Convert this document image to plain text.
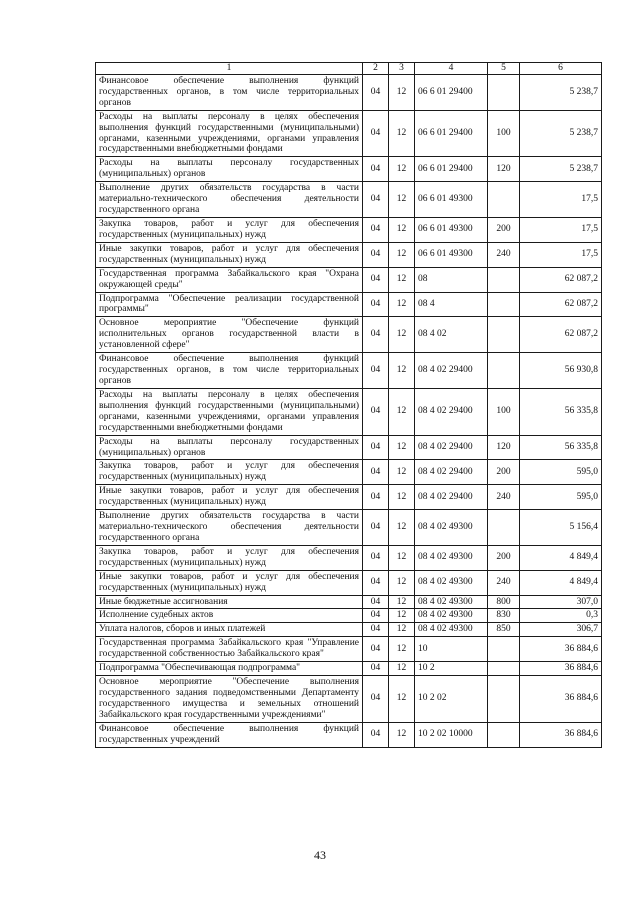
1	2	3	4	5	6
Финансовое обеспечение выполнения функций государственных органов, в том числе территориальных органов	04	12	06 6 01 29400		5 238,7
Расходы на выплаты персоналу в целях обеспечения выполнения функций государственными (муниципальными) органами, казенными учреждениями, органами управления государственными внебюджетными фондами	04	12	06 6 01 29400	100	5 238,7
Расходы на выплаты персоналу государственных (муниципальных) органов	04	12	06 6 01 29400	120	5 238,7
Выполнение других обязательств государства в части материально-технического обеспечения деятельности государственного органа	04	12	06 6 01 49300		17,5
Закупка товаров, работ и услуг для обеспечения государственных (муниципальных) нужд	04	12	06 6 01 49300	200	17,5
Иные закупки товаров, работ и услуг для обеспечения государственных (муниципальных) нужд	04	12	06 6 01 49300	240	17,5
Государственная программа Забайкальского края "Охрана окружающей среды"	04	12	08		62 087,2
Подпрограмма "Обеспечение реализации государственной программы"	04	12	08 4		62 087,2
Основное мероприятие "Обеспечение функций исполнительных органов государственной власти в установленной сфере"	04	12	08 4 02		62 087,2
Финансовое обеспечение выполнения функций государственных органов, в том числе территориальных органов	04	12	08 4 02 29400		56 930,8
Расходы на выплаты персоналу в целях обеспечения выполнения функций государственными (муниципальными) органами, казенными учреждениями, органами управления государственными внебюджетными фондами	04	12	08 4 02 29400	100	56 335,8
Расходы на выплаты персоналу государственных (муниципальных) органов	04	12	08 4 02 29400	120	56 335,8
Закупка товаров, работ и услуг для обеспечения государственных (муниципальных) нужд	04	12	08 4 02 29400	200	595,0
Иные закупки товаров, работ и услуг для обеспечения государственных (муниципальных) нужд	04	12	08 4 02 29400	240	595,0
Выполнение других обязательств государства в части материально-технического обеспечения деятельности государственного органа	04	12	08 4 02 49300		5 156,4
Закупка товаров, работ и услуг для обеспечения государственных (муниципальных) нужд	04	12	08 4 02 49300	200	4 849,4
Иные закупки товаров, работ и услуг для обеспечения государственных (муниципальных) нужд	04	12	08 4 02 49300	240	4 849,4
Иные бюджетные ассигнования	04	12	08 4 02 49300	800	307,0
Исполнение судебных актов	04	12	08 4 02 49300	830	0,3
Уплата налогов, сборов и иных платежей	04	12	08 4 02 49300	850	306,7
Государственная программа Забайкальского края "Управление государственной собственностью Забайкальского края"	04	12	10		36 884,6
Подпрограмма "Обеспечивающая подпрограмма"	04	12	10 2		36 884,6
Основное мероприятие "Обеспечение выполнения государственного задания подведомственными Департаменту государственного имущества и земельных отношений Забайкальского края государственными учреждениями"	04	12	10 2 02		36 884,6
Финансовое обеспечение выполнения функций государственных учреждений	04	12	10 2 02 10000		36 884,6
43
